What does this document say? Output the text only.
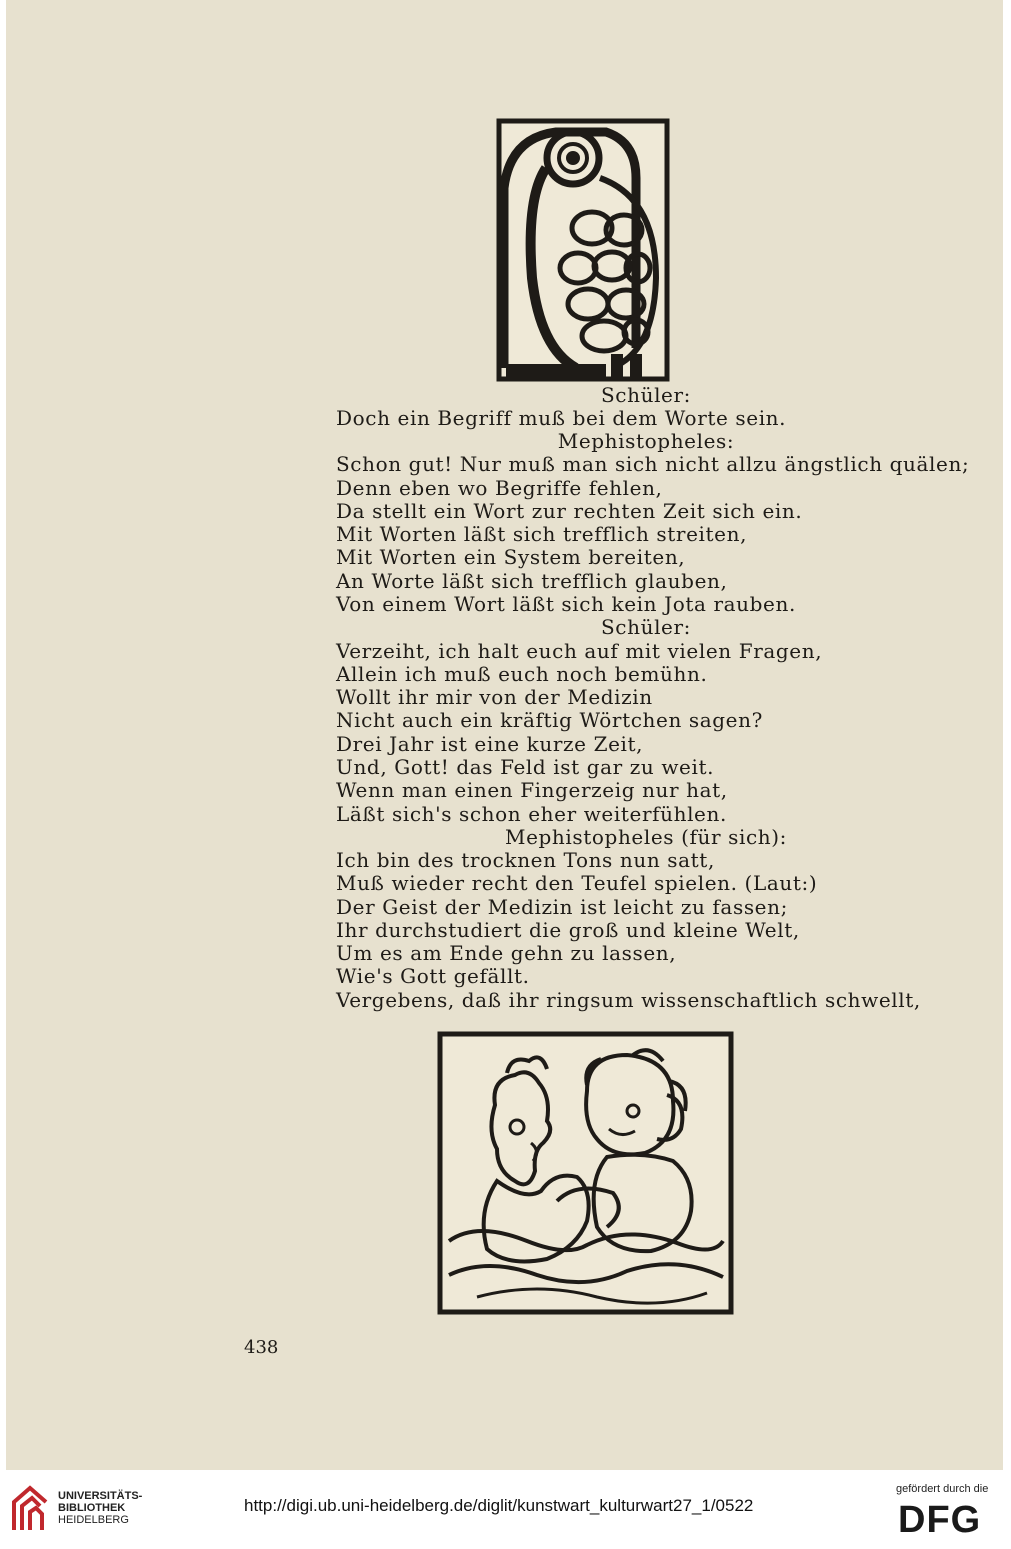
Schüler:

Doch ein Begriff muß bei dem Worte sein.

Mephistopheles:

Schon gut! Nur muß man sich nicht allzu ängstlich quälen;

Denn eben wo Begriffe fehlen,

Da stellt ein Wort zur rechten Zeit sich ein.

Mit Worten läßt sich trefflich streiten,

Mit Worten ein System bereiten,

An Worte läßt sich trefflich glauben,

Von einem Wort läßt sich kein Jota rauben.

Schüler:

Verzeiht, ich halt euch auf mit vielen Fragen,

Allein ich muß euch noch bemühn.

Wollt ihr mir von der Medizin

Nicht auch ein kräftig Wörtchen sagen?

Drei Jahr ist eine kurze Zeit,

Und, Gott! das Feld ist gar zu weit.

Wenn man einen Fingerzeig nur hat,

Läßt sich's schon eher weiterfühlen.

Mephistopheles (für sich):

Ich bin des trocknen Tons nun satt,

Muß wieder recht den Teufel spielen. (Laut:)

Der Geist der Medizin ist leicht zu fassen;

Ihr durchstudiert die groß und kleine Welt,

Um es am Ende gehn zu lassen,

Wie's Gott gefällt.

Vergebens, daß ihr ringsum wissenschaftlich schwellt,

438
UNIVERSITÄTS-
BIBLIOTHEK
HEIDELBERG
http://digi.ub.uni-heidelberg.de/diglit/kunstwart_kulturwart27_1/0522
gefördert durch die
DFG
